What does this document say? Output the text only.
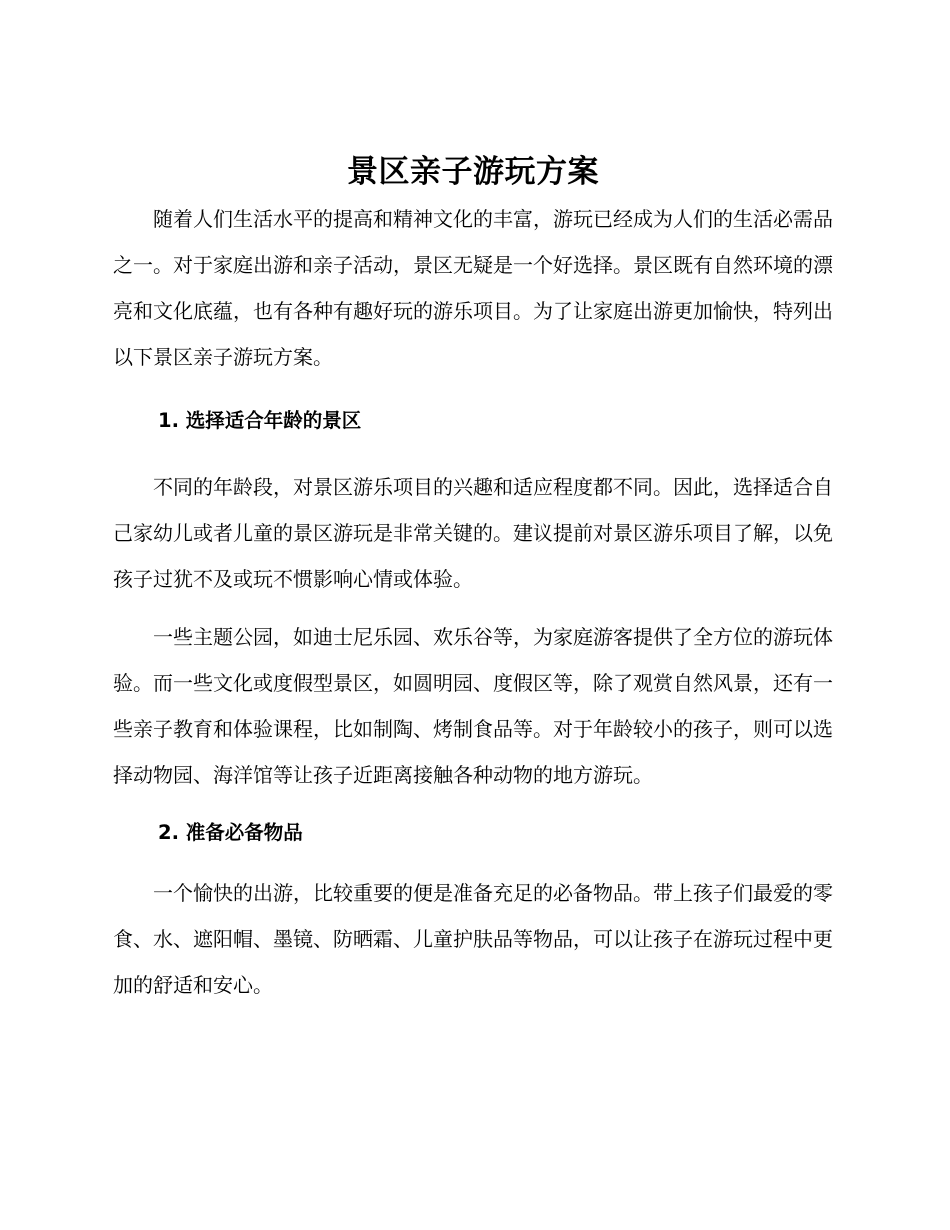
景区亲子游玩方案

随着人们生活水平的提高和精神文化的丰富，游玩已经成为人们的生活必需品之一。对于家庭出游和亲子活动，景区无疑是一个好选择。景区既有自然环境的漂亮和文化底蕴，也有各种有趣好玩的游乐项目。为了让家庭出游更加愉快，特列出以下景区亲子游玩方案。

1. 选择适合年龄的景区

不同的年龄段，对景区游乐项目的兴趣和适应程度都不同。因此，选择适合自己家幼儿或者儿童的景区游玩是非常关键的。建议提前对景区游乐项目了解，以免孩子过犹不及或玩不惯影响心情或体验。

一些主题公园，如迪士尼乐园、欢乐谷等，为家庭游客提供了全方位的游玩体验。而一些文化或度假型景区，如圆明园、度假区等，除了观赏自然风景，还有一些亲子教育和体验课程，比如制陶、烤制食品等。对于年龄较小的孩子，则可以选择动物园、海洋馆等让孩子近距离接触各种动物的地方游玩。

2. 准备必备物品

一个愉快的出游，比较重要的便是准备充足的必备物品。带上孩子们最爱的零食、水、遮阳帽、墨镜、防晒霜、儿童护肤品等物品，可以让孩子在游玩过程中更加的舒适和安心。
